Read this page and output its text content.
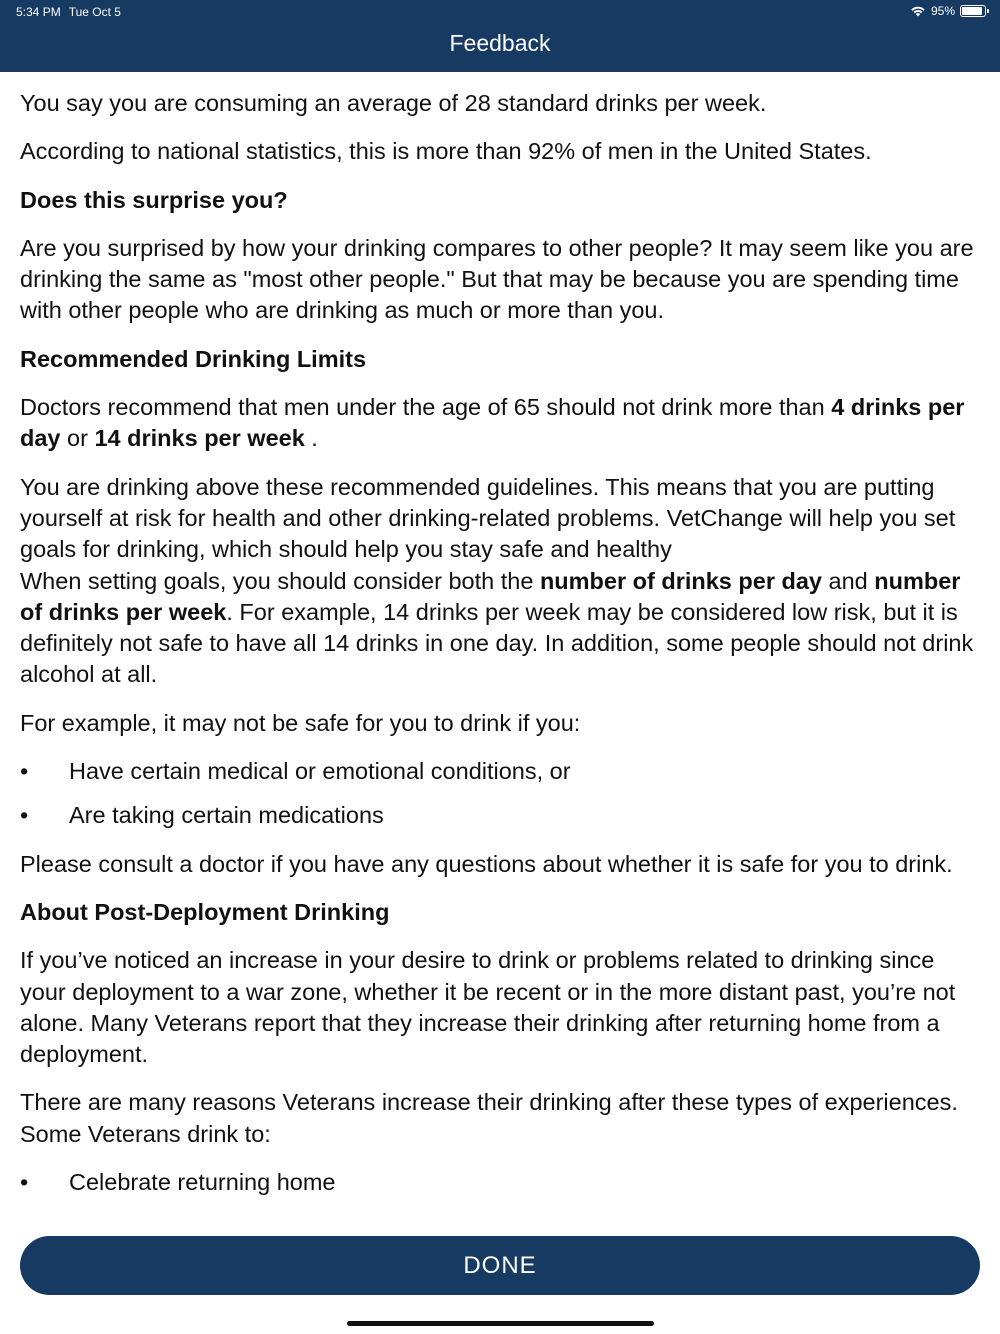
5:34 PM Tue Oct 5	95%
Feedback

You say you are consuming an average of 28 standard drinks per week.

According to national statistics, this is more than 92% of men in the United States.

Does this surprise you?

Are you surprised by how your drinking compares to other people? It may seem like you are drinking the same as "most other people." But that may be because you are spending time with other people who are drinking as much or more than you.

Recommended Drinking Limits

Doctors recommend that men under the age of 65 should not drink more than 4 drinks per day or 14 drinks per week .

You are drinking above these recommended guidelines. This means that you are putting yourself at risk for health and other drinking-related problems. VetChange will help you set goals for drinking, which should help you stay safe and healthy

When setting goals, you should consider both the number of drinks per day and number of drinks per week. For example, 14 drinks per week may be considered low risk, but it is definitely not safe to have all 14 drinks in one day. In addition, some people should not drink alcohol at all.

For example, it may not be safe for you to drink if you:

•	Have certain medical or emotional conditions, or
•	Are taking certain medications

Please consult a doctor if you have any questions about whether it is safe for you to drink.

About Post-Deployment Drinking

If you’ve noticed an increase in your desire to drink or problems related to drinking since your deployment to a war zone, whether it be recent or in the more distant past, you’re not alone. Many Veterans report that they increase their drinking after returning home from a deployment.

There are many reasons Veterans increase their drinking after these types of experiences. Some Veterans drink to:

•	Celebrate returning home
DONE
